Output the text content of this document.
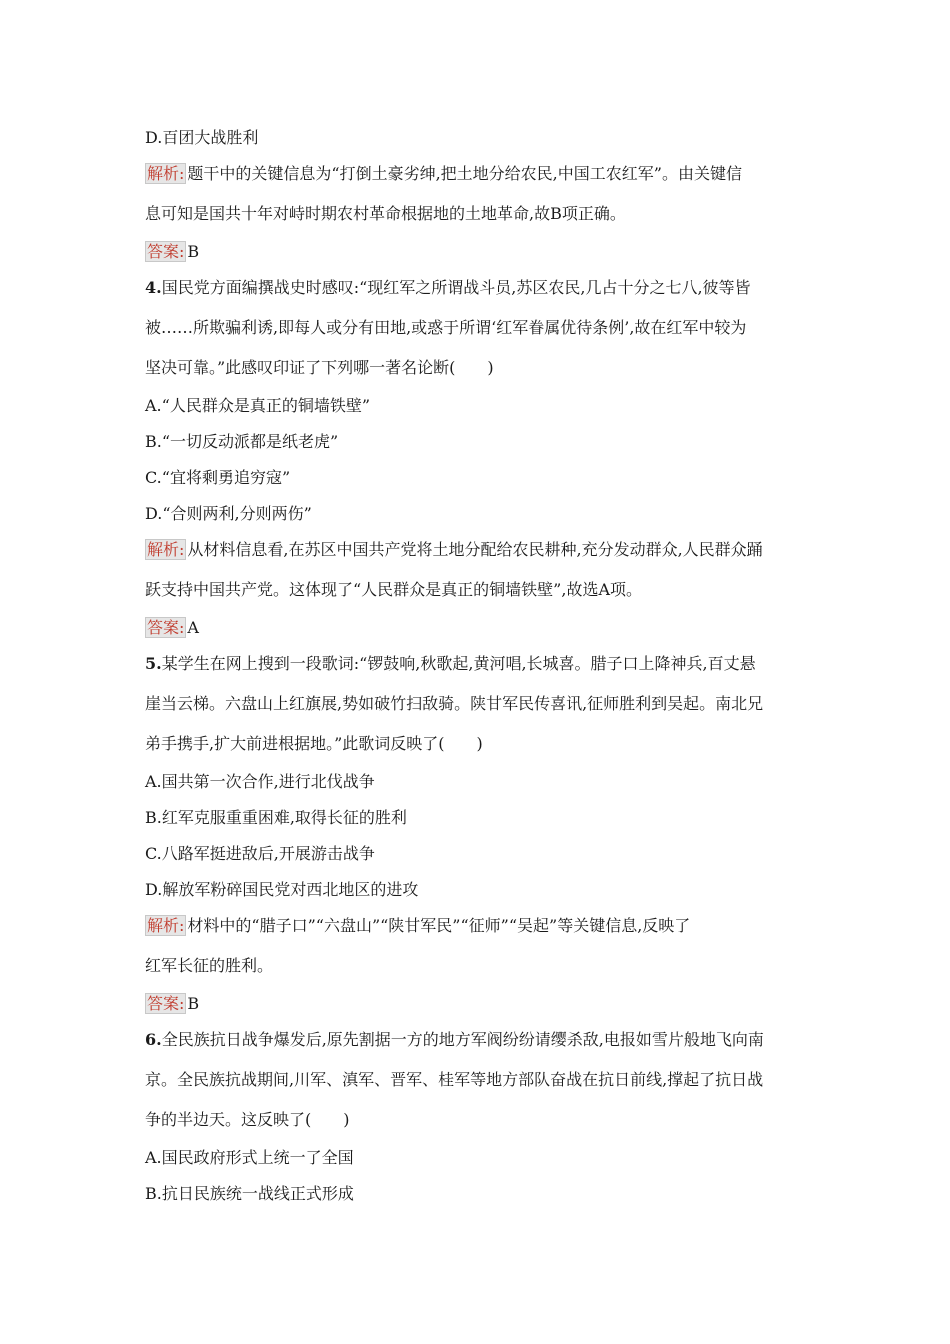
D.百团大战胜利
解析: 题干中的关键信息为“打倒土豪劣绅,把土地分给农民,中国工农红军”。由关键信
息可知是国共十年对峙时期农村革命根据地的土地革命,故B项正确。
答案: B
4.国民党方面编撰战史时感叹:“现红军之所谓战斗员,苏区农民,几占十分之七八,彼等皆
被……所欺骗利诱,即每人或分有田地,或惑于所谓‘红军眷属优待条例’,故在红军中较为
坚决可靠。”此感叹印证了下列哪一著名论断(　　)
A.“人民群众是真正的铜墙铁壁”
B.“一切反动派都是纸老虎”
C.“宜将剩勇追穷寇”
D.“合则两利,分则两伤”
解析: 从材料信息看,在苏区中国共产党将土地分配给农民耕种,充分发动群众,人民群众踊
跃支持中国共产党。这体现了“人民群众是真正的铜墙铁壁”,故选A项。
答案: A
5.某学生在网上搜到一段歌词:“锣鼓响,秋歌起,黄河唱,长城喜。腊子口上降神兵,百丈悬
崖当云梯。六盘山上红旗展,势如破竹扫敌骑。陕甘军民传喜讯,征师胜利到吴起。南北兄
弟手携手,扩大前进根据地。”此歌词反映了(　　)
A.国共第一次合作,进行北伐战争
B.红军克服重重困难,取得长征的胜利
C.八路军挺进敌后,开展游击战争
D.解放军粉碎国民党对西北地区的进攻
解析: 材料中的“腊子口”“六盘山”“陕甘军民”“征师”“吴起”等关键信息,反映了
红军长征的胜利。
答案: B
6.全民族抗日战争爆发后,原先割据一方的地方军阀纷纷请缨杀敌,电报如雪片般地飞向南
京。全民族抗战期间,川军、滇军、晋军、桂军等地方部队奋战在抗日前线,撑起了抗日战
争的半边天。这反映了(　　)
A.国民政府形式上统一了全国
B.抗日民族统一战线正式形成
